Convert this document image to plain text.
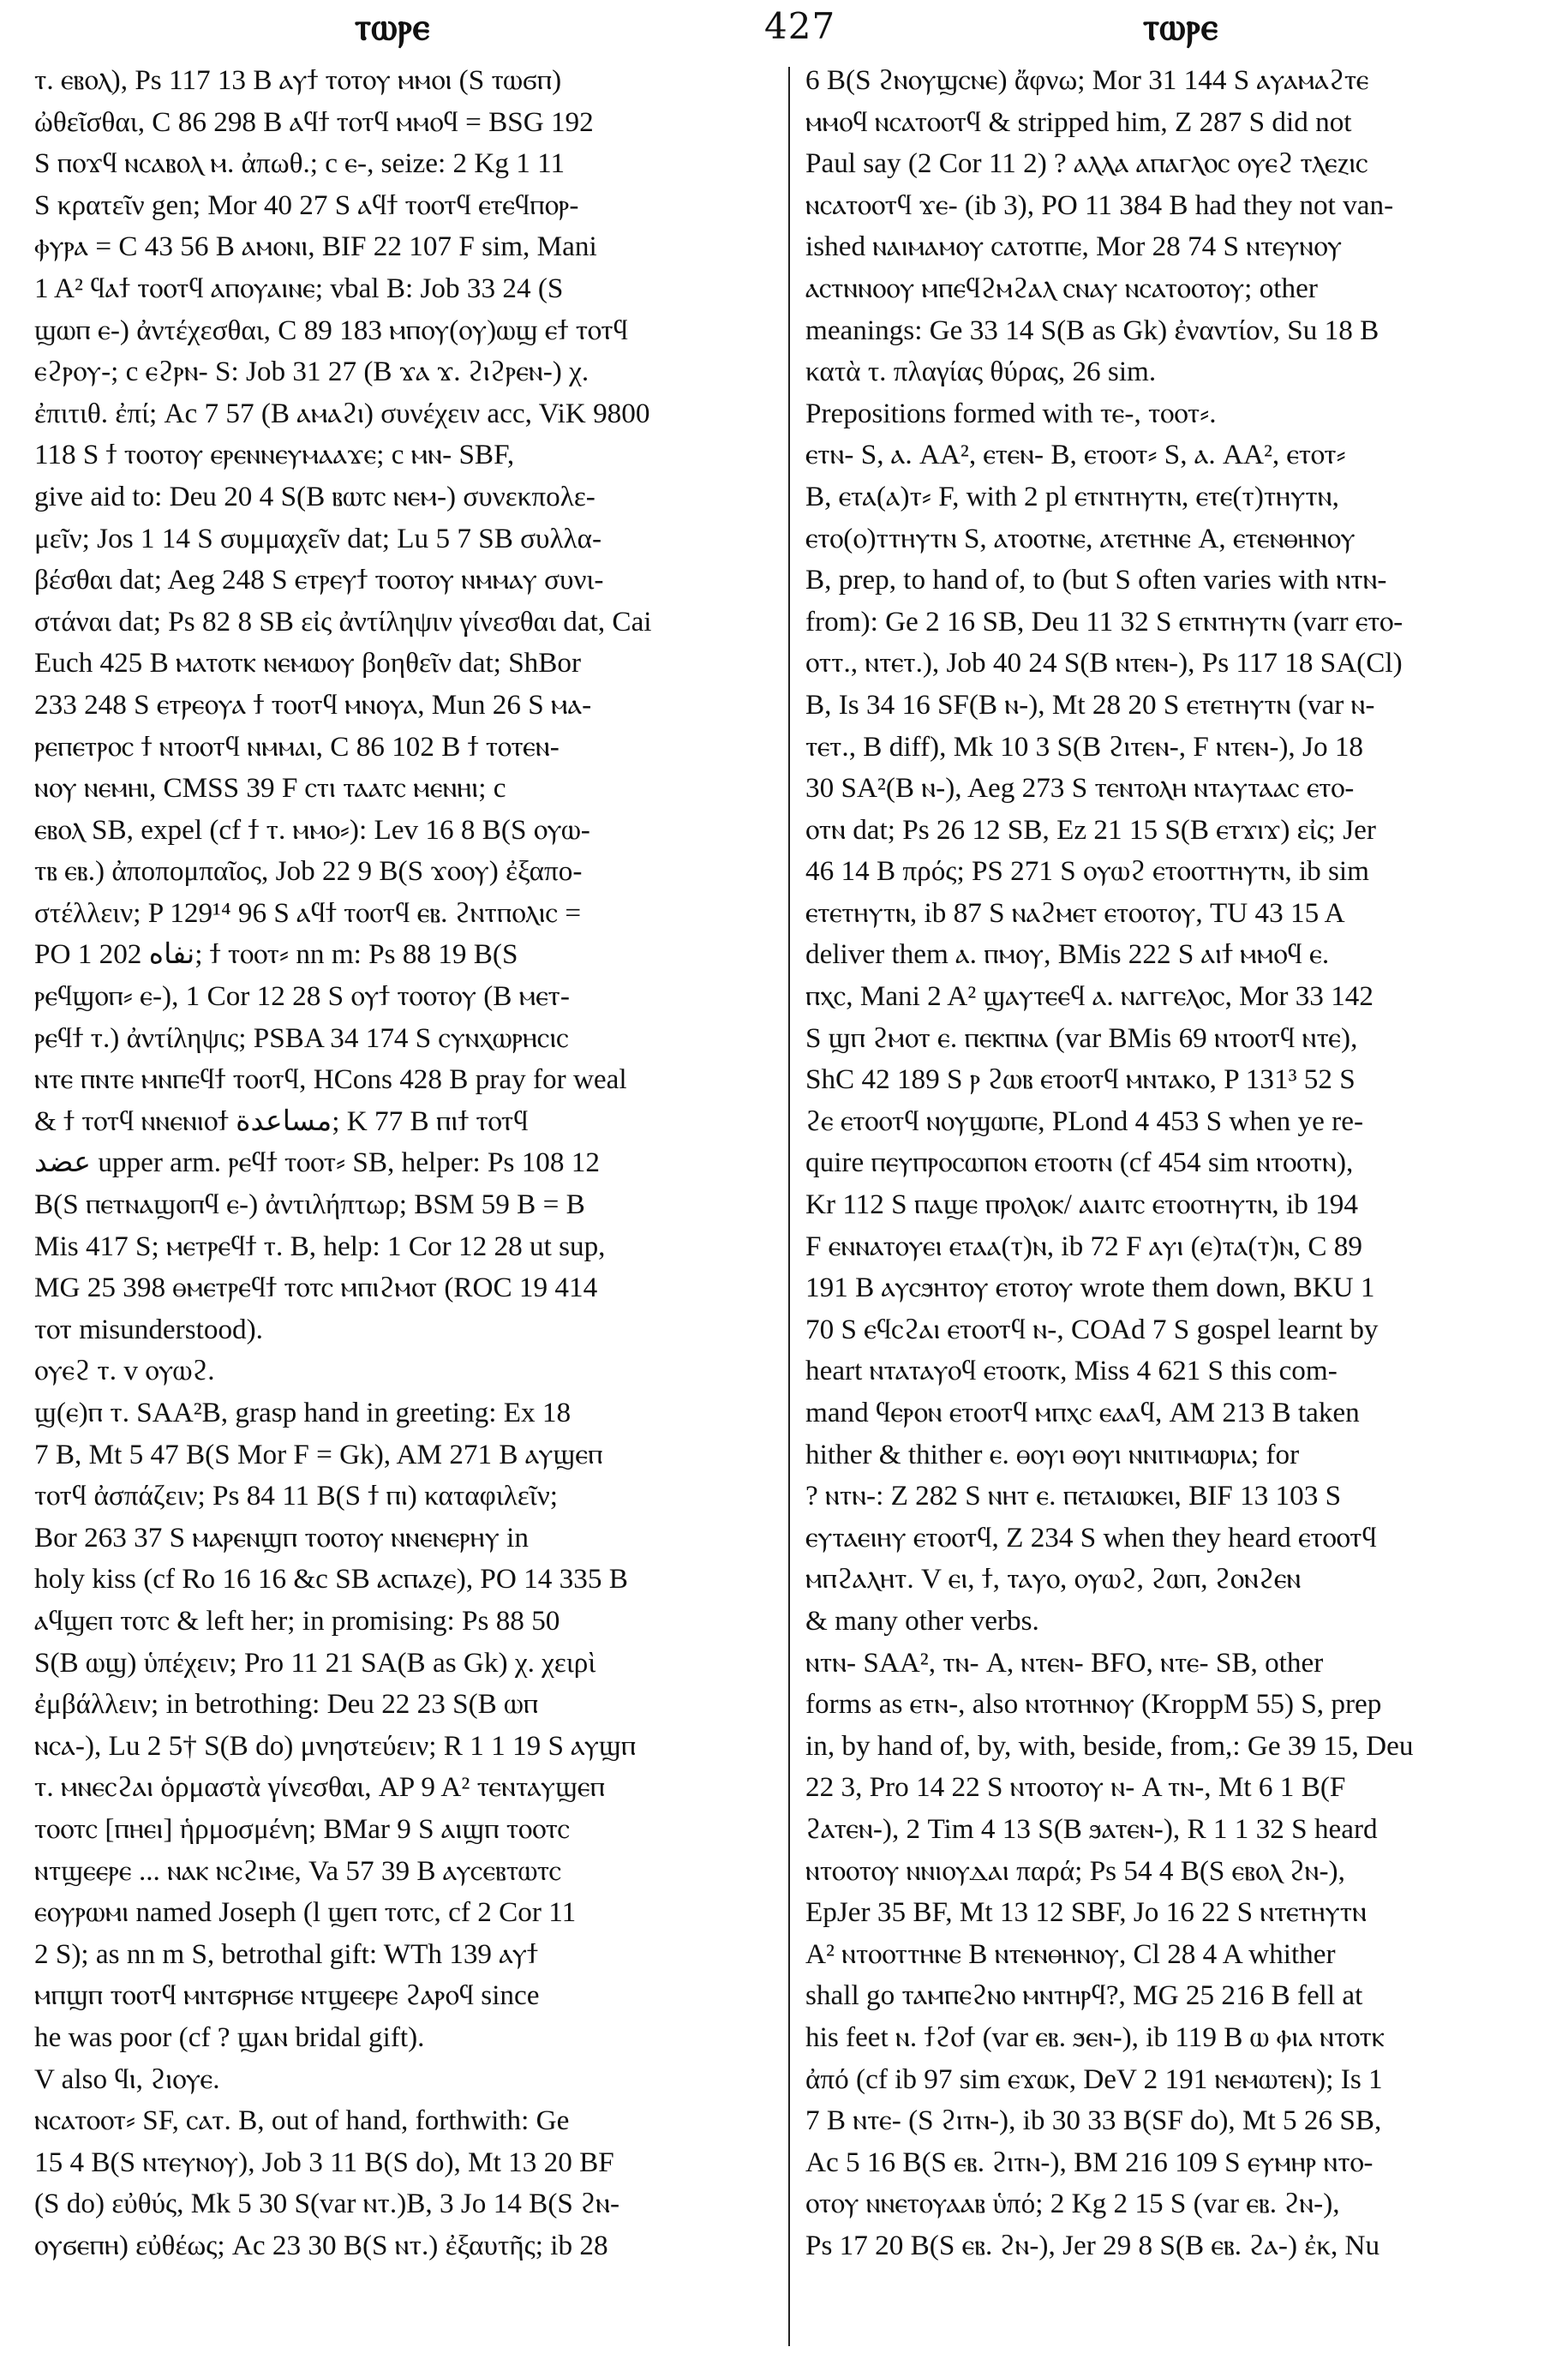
ⲧⲱⲣⲉ	427	ⲧⲱⲣⲉ
ⲧ. ⲉⲃⲟⲗ), Ps 117 13 B ⲁⲩϯ ⲧⲟⲧⲟⲩ ⲙⲙⲟⲓ (S ⲧⲱϭⲡ)
ὠθεῖσθαι, C 86 298 B ⲁϥϯ ⲧⲟⲧϥ ⲙⲙⲟϥ = BSG 192
S ⲡⲟϫϥ ⲛⲥⲁⲃⲟⲗ ⲙ. ἀπωθ.; c ⲉ-, seize: 2 Kg 1 11
S κρατεῖν gen; Mor 40 27 S ⲁϥϯ ⲧⲟⲟⲧϥ ⲉⲧⲉϥⲡⲟⲣ-
ⲫⲩⲣⲁ = C 43 56 B ⲁⲙⲟⲛⲓ, BIF 22 107 F sim, Mani
1 A² ϥⲁϯ ⲧⲟⲟⲧϥ ⲁⲡⲟⲩⲁⲓⲛⲉ; vbal B: Job 33 24 (S
ϣⲱⲡ ⲉ-) ἀντέχεσθαι, C 89 183 ⲙⲡⲟⲩ(ⲟⲩ)ⲱϣ ⲉϯ ⲧⲟⲧϥ
ⲉϩⲣⲟⲩ-; c ⲉϩⲣⲛ- S: Job 31 27 (B ϫⲁ ϫ. ϩⲓϩⲣⲉⲛ-) χ.
ἐπιτιθ. ἐπί; Ac 7 57 (B ⲁⲙⲁϩⲓ) συνέχειν acc, ViK 9800
118 S ϯ ⲧⲟⲟⲧⲟⲩ ⲉⲣⲉⲛⲛⲉⲩⲙⲁⲁϫⲉ; c ⲙⲛ- SBF,
give aid to: Deu 20 4 S(B ⲃⲱⲧⲥ ⲛⲉⲙ-) συνεκπολε-
μεῖν; Jos 1 14 S συμμαχεῖν dat; Lu 5 7 SB συλλα-
βέσθαι dat; Aeg 248 S ⲉⲧⲣⲉⲩϯ ⲧⲟⲟⲧⲟⲩ ⲛⲙⲙⲁⲩ συνι-
στάναι dat; Ps 82 8 SB εἰς ἀντίληψιν γίνεσθαι dat, Cai
Euch 425 B ⲙⲁⲧⲟⲧⲕ ⲛⲉⲙⲱⲟⲩ βοηθεῖν dat; ShBor
233 248 S ⲉⲧⲣⲉⲟⲩⲁ ϯ ⲧⲟⲟⲧϥ ⲙⲛⲟⲩⲁ, Mun 26 S ⲙⲁ-
ⲣⲉⲡⲉⲧⲣⲟⲥ ϯ ⲛⲧⲟⲟⲧϥ ⲛⲙⲙⲁⲓ, C 86 102 B ϯ ⲧⲟⲧⲉⲛ-
ⲛⲟⲩ ⲛⲉⲙⲏⲓ, CMSS 39 F ⲥⲧⲓ ⲧⲁⲁⲧⲥ ⲙⲉⲛⲏⲓ; c
ⲉⲃⲟⲗ SB, expel (cf ϯ ⲧ. ⲙⲙⲟ⸗): Lev 16 8 B(S ⲟⲩⲱ-
ⲧⲃ ⲉⲃ.) ἀποπομπαῖος, Job 22 9 B(S ϫⲟⲟⲩ) ἐξαπο-
στέλλειν; P 129¹⁴ 96 S ⲁϥϯ ⲧⲟⲟⲧϥ ⲉⲃ. ϩⲛⲧⲡⲟⲗⲓⲥ =
PO 1 202 نفاه; ϯ ⲧⲟⲟⲧ⸗ nn m: Ps 88 19 B(S
ⲣⲉϥϣⲟⲡ⸗ ⲉ-), 1 Cor 12 28 S ⲟⲩϯ ⲧⲟⲟⲧⲟⲩ (B ⲙⲉⲧ-
ⲣⲉϥϯ ⲧ.) ἀντίληψις; PSBA 34 174 S ⲥⲩⲛⲭⲱⲣⲏⲥⲓⲥ
ⲛⲧⲉ ⲡⲛⲧⲉ ⲙⲛⲡⲉϥϯ ⲧⲟⲟⲧϥ, HCons 428 B pray for weal
& ϯ ⲧⲟⲧϥ ⲛⲛⲉⲛⲓⲟϯ مساعدة; K 77 B ⲡⲓϯ ⲧⲟⲧϥ
عضد upper arm. ⲣⲉϥϯ ⲧⲟⲟⲧ⸗ SB, helper: Ps 108 12
B(S ⲡⲉⲧⲛⲁϣⲟⲡϥ ⲉ-) ἀντιλήπτωρ; BSM 59 B = B
Mis 417 S; ⲙⲉⲧⲣⲉϥϯ ⲧ. B, help: 1 Cor 12 28 ut sup,
MG 25 398 ⲑⲙⲉⲧⲣⲉϥϯ ⲧⲟⲧⲥ ⲙⲡⲓϩⲙⲟⲧ (ROC 19 414
ⲧⲟⲧ misunderstood).
ⲟⲩⲉϩ ⲧ. v ⲟⲩⲱϩ.
ϣ(ⲉ)ⲡ ⲧ. SAA²B, grasp hand in greeting: Ex 18
7 B, Mt 5 47 B(S Mor F = Gk), AM 271 B ⲁⲩϣⲉⲡ
ⲧⲟⲧϥ ἀσπάζειν; Ps 84 11 B(S ϯ ⲡⲓ) καταφιλεῖν;
Bor 263 37 S ⲙⲁⲣⲉⲛϣⲡ ⲧⲟⲟⲧⲟⲩ ⲛⲛⲉⲛⲉⲣⲏⲩ in
holy kiss (cf Ro 16 16 &c SB ⲁⲥⲡⲁⲍⲉ), PO 14 335 B
ⲁϥϣⲉⲡ ⲧⲟⲧⲥ & left her; in promising: Ps 88 50
S(B ⲱϣ) ὑπέχειν; Pro 11 21 SA(B as Gk) χ. χειρὶ
ἐμβάλλειν; in betrothing: Deu 22 23 S(B ⲱⲡ
ⲛⲥⲁ-), Lu 2 5† S(B do) μνηστεύειν; R 1 1 19 S ⲁⲩϣⲡ
ⲧ. ⲙⲛⲉⲥϩⲁⲓ ὁρμαστὰ γίνεσθαι, AP 9 A² ⲧⲉⲛⲧⲁⲩϣⲉⲡ
ⲧⲟⲟⲧⲥ [ⲡⲏⲉⲓ] ἡρμοσμένη; BMar 9 S ⲁⲓϣⲡ ⲧⲟⲟⲧⲥ
ⲛⲧϣⲉⲉⲣⲉ ... ⲛⲁⲕ ⲛⲥϩⲓⲙⲉ, Va 57 39 B ⲁⲩⲥⲉⲃⲧⲱⲧⲥ
ⲉⲟⲩⲣⲱⲙⲓ named Joseph (l ϣⲉⲡ ⲧⲟⲧⲥ, cf 2 Cor 11
2 S); as nn m S, betrothal gift: WTh 139 ⲁⲩϯ
ⲙⲡϣⲡ ⲧⲟⲟⲧϥ ⲙⲛⲧϭⲣⲏϭⲉ ⲛⲧϣⲉⲉⲣⲉ ϩⲁⲣⲟϥ since
he was poor (cf ? ϣⲁⲛ bridal gift).
V also ϥⲓ, ϩⲓⲟⲩⲉ.
ⲛⲥⲁⲧⲟⲟⲧ⸗ SF, ⲥⲁⲧ. B, out of hand, forthwith: Ge
15 4 B(S ⲛⲧⲉⲩⲛⲟⲩ), Job 3 11 B(S do), Mt 13 20 BF
(S do) εὐθύς, Mk 5 30 S(var ⲛⲧ.)B, 3 Jo 14 B(S ϩⲛ-
ⲟⲩϭⲉⲡⲏ) εὐθέως; Ac 23 30 B(S ⲛⲧ.) ἐξαυτῆς; ib 28
6 B(S ϩⲛⲟⲩϣⲥⲛⲉ) ἄφνω; Mor 31 144 S ⲁⲩⲁⲙⲁϩⲧⲉ
ⲙⲙⲟϥ ⲛⲥⲁⲧⲟⲟⲧϥ & stripped him, Z 287 S did not
Paul say (2 Cor 11 2) ? ⲁⲗⲗⲁ ⲁⲡⲁⲅⲗⲟⲥ ⲟⲩⲉϩ ⲧⲗⲉⲍⲓⲥ
ⲛⲥⲁⲧⲟⲟⲧϥ ϫⲉ- (ib 3), PO 11 384 B had they not van-
ished ⲛⲁⲓⲙⲁⲙⲟⲩ ⲥⲁⲧⲟⲧⲡⲉ, Mor 28 74 S ⲛⲧⲉⲩⲛⲟⲩ
ⲁⲥⲧⲛⲛⲟⲟⲩ ⲙⲡⲉϥϩⲙϩⲁⲗ ⲥⲛⲁⲩ ⲛⲥⲁⲧⲟⲟⲧⲟⲩ; other
meanings: Ge 33 14 S(B as Gk) ἐναντίον, Su 18 B
κατὰ τ. πλαγίας θύρας, 26 sim.
Prepositions formed with ⲧⲉ-, ⲧⲟⲟⲧ⸗.
ⲉⲧⲛ- S, ⲁ. AA², ⲉⲧⲉⲛ- B, ⲉⲧⲟⲟⲧ⸗ S, ⲁ. AA², ⲉⲧⲟⲧ⸗
B, ⲉⲧⲁ(ⲁ)ⲧ⸗ F, with 2 pl ⲉⲧⲛⲧⲏⲩⲧⲛ, ⲉⲧⲉ(ⲧ)ⲧⲏⲩⲧⲛ,
ⲉⲧⲟ(ⲟ)ⲧⲧⲏⲩⲧⲛ S, ⲁⲧⲟⲟⲧⲛⲉ, ⲁⲧⲉⲧⲏⲛⲉ A, ⲉⲧⲉⲛⲑⲏⲛⲟⲩ
B, prep, to hand of, to (but S often varies with ⲛⲧⲛ-
from): Ge 2 16 SB, Deu 11 32 S ⲉⲧⲛⲧⲏⲩⲧⲛ (varr ⲉⲧⲟ-
ⲟⲧⲧ., ⲛⲧⲉⲧ.), Job 40 24 S(B ⲛⲧⲉⲛ-), Ps 117 18 SA(Cl)
B, Is 34 16 SF(B ⲛ-), Mt 28 20 S ⲉⲧⲉⲧⲏⲩⲧⲛ (var ⲛ-
ⲧⲉⲧ., B diff), Mk 10 3 S(B ϩⲓⲧⲉⲛ-, F ⲛⲧⲉⲛ-), Jo 18
30 SA²(B ⲛ-), Aeg 273 S ⲧⲉⲛⲧⲟⲗⲏ ⲛⲧⲁⲩⲧⲁⲁⲥ ⲉⲧⲟ-
ⲟⲧⲛ dat; Ps 26 12 SB, Ez 21 15 S(B ⲉⲧϫⲓϫ) εἰς; Jer
46 14 B πρός; PS 271 S ⲟⲩⲱϩ ⲉⲧⲟⲟⲧⲧⲏⲩⲧⲛ, ib sim
ⲉⲧⲉⲧⲏⲩⲧⲛ, ib 87 S ⲛⲁϩⲙⲉⲧ ⲉⲧⲟⲟⲧⲟⲩ, TU 43 15 A
deliver them ⲁ. ⲡⲙⲟⲩ, BMis 222 S ⲁⲓϯ ⲙⲙⲟϥ ⲉ.
ⲡⲭⲥ, Mani 2 A² ϣⲁⲩⲧⲉⲉϥ ⲁ. ⲛⲁⲅⲅⲉⲗⲟⲥ, Mor 33 142
S ϣⲡ ϩⲙⲟⲧ ⲉ. ⲡⲉⲕⲡⲛⲁ (var BMis 69 ⲛⲧⲟⲟⲧϥ ⲛⲧⲉ),
ShC 42 189 S ⲣ ϩⲱⲃ ⲉⲧⲟⲟⲧϥ ⲙⲛⲧⲁⲕⲟ, P 131³ 52 S
ϩⲉ ⲉⲧⲟⲟⲧϥ ⲛⲟⲩϣⲱⲡⲉ, PLond 4 453 S when ye re-
quire ⲡⲉⲩⲡⲣⲟⲥⲱⲡⲟⲛ ⲉⲧⲟⲟⲧⲛ (cf 454 sim ⲛⲧⲟⲟⲧⲛ),
Kr 112 S ⲡⲁϣⲉ ⲡⲣⲟⲗⲟⲕ/ ⲁⲓⲁⲓⲧⲥ ⲉⲧⲟⲟⲧⲏⲩⲧⲛ, ib 194
F ⲉⲛⲛⲁⲧⲟⲩⲉⲓ ⲉⲧⲁⲁ(ⲧ)ⲛ, ib 72 F ⲁⲩⲓ (ⲉ)ⲧⲁ(ⲧ)ⲛ, C 89
191 B ⲁⲩⲥϧⲏⲧⲟⲩ ⲉⲧⲟⲧⲟⲩ wrote them down, BKU 1
70 S ⲉϥⲥϩⲁⲓ ⲉⲧⲟⲟⲧϥ ⲛ-, COAd 7 S gospel learnt by
heart ⲛⲧⲁⲧⲁⲩⲟϥ ⲉⲧⲟⲟⲧⲕ, Miss 4 621 S this com-
mand ϥⲉⲣⲟⲛ ⲉⲧⲟⲟⲧϥ ⲙⲡⲭⲥ ⲉⲁⲁϥ, AM 213 B taken
hither & thither ⲉ. ⲑⲟⲩⲓ ⲑⲟⲩⲓ ⲛⲛⲓⲧⲓⲙⲱⲣⲓⲁ; for
? ⲛⲧⲛ-: Z 282 S ⲛⲏⲧ ⲉ. ⲡⲉⲧⲁⲓⲱⲕⲉⲓ, BIF 13 103 S
ⲉⲩⲧⲁⲉⲓⲏⲩ ⲉⲧⲟⲟⲧϥ, Z 234 S when they heard ⲉⲧⲟⲟⲧϥ
ⲙⲡϩⲁⲗⲏⲧ. V ⲉⲓ, ϯ, ⲧⲁⲩⲟ, ⲟⲩⲱϩ, ϩⲱⲡ, ϩⲟⲛϩⲉⲛ
& many other verbs.
ⲛⲧⲛ- SAA², ⲧⲛ- A, ⲛⲧⲉⲛ- BFO, ⲛⲧⲉ- SB, other
forms as ⲉⲧⲛ-, also ⲛⲧⲟⲧⲏⲛⲟⲩ (KroppM 55) S, prep
in, by hand of, by, with, beside, from,: Ge 39 15, Deu
22 3, Pro 14 22 S ⲛⲧⲟⲟⲧⲟⲩ ⲛ- A ⲧⲛ-, Mt 6 1 B(F
ϩⲁⲧⲉⲛ-), 2 Tim 4 13 S(B ϧⲁⲧⲉⲛ-), R 1 1 32 S heard
ⲛⲧⲟⲟⲧⲟⲩ ⲛⲛⲓⲟⲩⲇⲁⲓ παρά; Ps 54 4 B(S ⲉⲃⲟⲗ ϩⲛ-),
EpJer 35 BF, Mt 13 12 SBF, Jo 16 22 S ⲛⲧⲉⲧⲏⲩⲧⲛ
A² ⲛⲧⲟⲟⲧⲧⲏⲛⲉ B ⲛⲧⲉⲛⲑⲏⲛⲟⲩ, Cl 28 4 A whither
shall go ⲧⲁⲙⲡⲉϩⲛⲟ ⲙⲛⲧⲏⲣϥ?, MG 25 216 B fell at
his feet ⲛ. ϯϩⲟϯ (var ⲉⲃ. ϧⲉⲛ-), ib 119 B ⲱ ⲫⲓⲁ ⲛⲧⲟⲧⲕ
ἀπό (cf ib 97 sim ⲉϫⲱⲕ, DeV 2 191 ⲛⲉⲙⲱⲧⲉⲛ); Is 1
7 B ⲛⲧⲉ- (S ϩⲓⲧⲛ-), ib 30 33 B(SF do), Mt 5 26 SB,
Ac 5 16 B(S ⲉⲃ. ϩⲓⲧⲛ-), BM 216 109 S ⲉⲩⲙⲏⲣ ⲛⲧⲟ-
ⲟⲧⲟⲩ ⲛⲛⲉⲧⲟⲩⲁⲁⲃ ὑπό; 2 Kg 2 15 S (var ⲉⲃ. ϩⲛ-),
Ps 17 20 B(S ⲉⲃ. ϩⲛ-), Jer 29 8 S(B ⲉⲃ. ϩⲁ-) ἐκ, Nu
